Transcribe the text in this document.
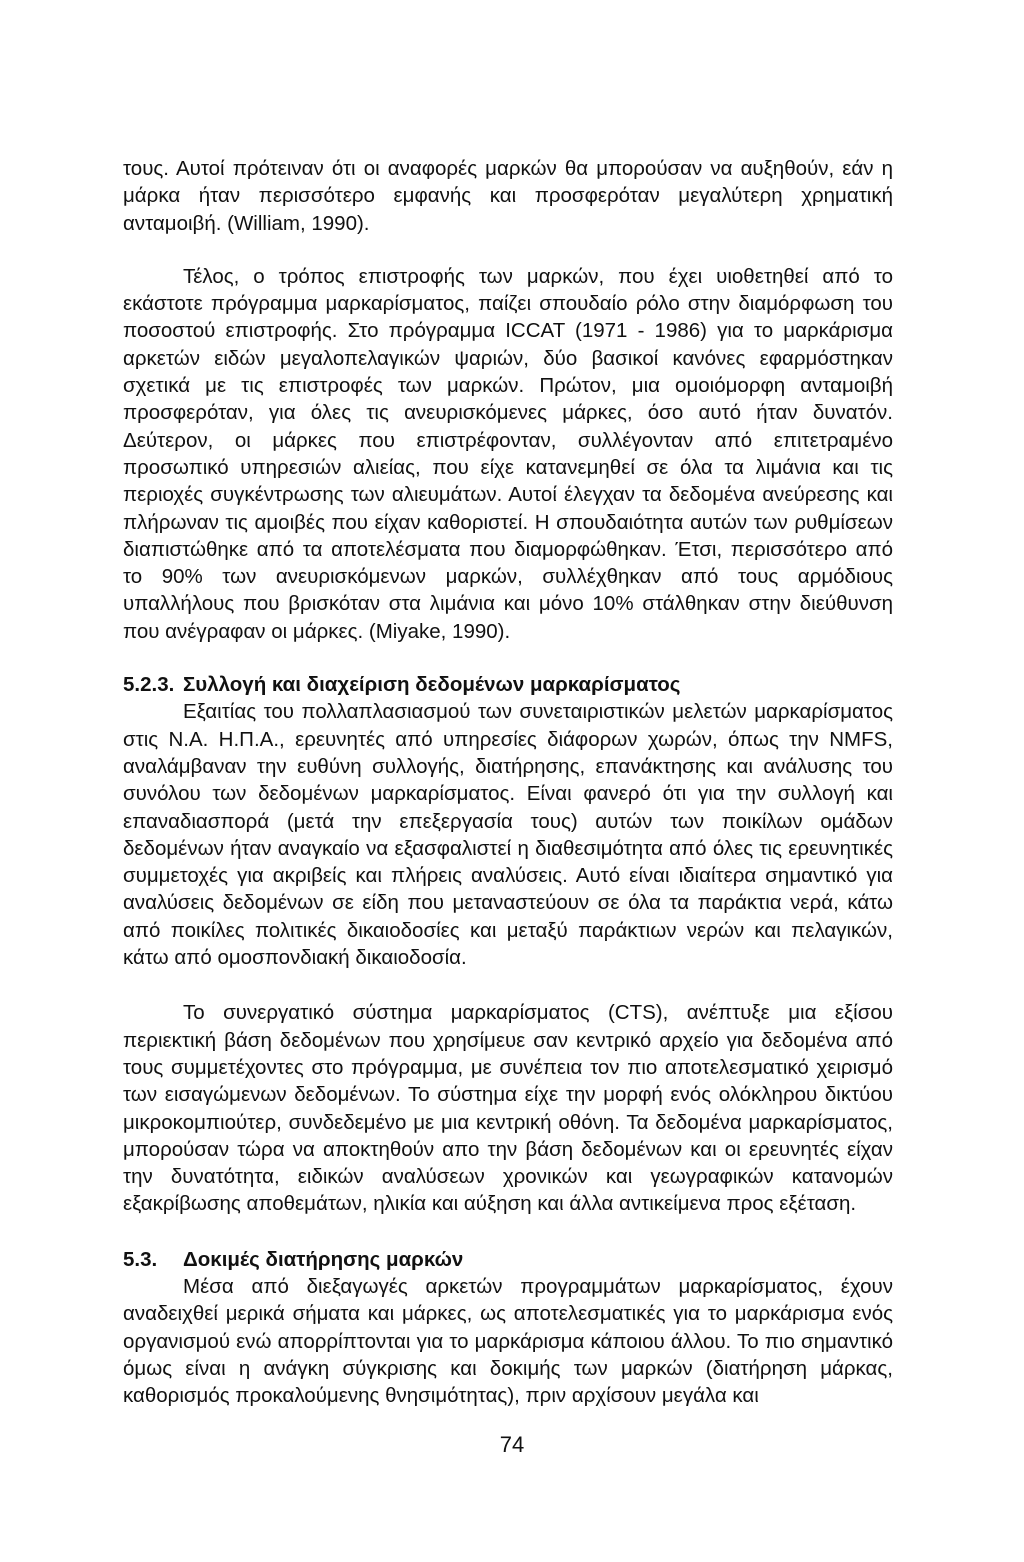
τους. Αυτοί πρότειναν ότι οι αναφορές μαρκών θα μπορούσαν να αυξηθούν, εάν η μάρκα ήταν περισσότερο εμφανής και προσφερόταν μεγαλύτερη χρηματική ανταμοιβή. (William, 1990).

Τέλος, ο τρόπος επιστροφής των μαρκών, που έχει υιοθετηθεί από το εκάστοτε πρόγραμμα μαρκαρίσματος, παίζει σπουδαίο ρόλο στην διαμόρφωση του ποσοστού επιστροφής. Στο πρόγραμμα ICCAT (1971 - 1986) για το μαρκάρισμα αρκετών ειδών μεγαλοπελαγικών ψαριών, δύο βασικοί κανόνες εφαρμόστηκαν σχετικά με τις επιστροφές των μαρκών. Πρώτον, μια ομοιόμορφη ανταμοιβή προσφερόταν, για όλες τις ανευρισκόμενες μάρκες, όσο αυτό ήταν δυνατόν. Δεύτερον, οι μάρκες που επιστρέφονταν, συλλέγονταν από επιτετραμένο προσωπικό υπηρεσιών αλιείας, που είχε κατανεμηθεί σε όλα τα λιμάνια και τις περιοχές συγκέντρωσης των αλιευμάτων. Αυτοί έλεγχαν τα δεδομένα ανεύρεσης και πλήρωναν τις αμοιβές που είχαν καθοριστεί. Η σπουδαιότητα αυτών των ρυθμίσεων διαπιστώθηκε από τα αποτελέσματα που διαμορφώθηκαν. Έτσι, περισσότερο από το 90% των ανευρισκόμενων μαρκών, συλλέχθηκαν από τους αρμόδιους υπαλλήλους που βρισκόταν στα λιμάνια και μόνο 10% στάλθηκαν στην διεύθυνση που ανέγραφαν οι μάρκες. (Miyake, 1990).

5.2.3. Συλλογή και διαχείριση δεδομένων μαρκαρίσματος

Εξαιτίας του πολλαπλασιασμού των συνεταιριστικών μελετών μαρκαρίσματος στις Ν.Α. Η.Π.Α., ερευνητές από υπηρεσίες διάφορων χωρών, όπως την NMFS, αναλάμβαναν την ευθύνη συλλογής, διατήρησης, επανάκτησης και ανάλυσης του συνόλου των δεδομένων μαρκαρίσματος. Είναι φανερό ότι για την συλλογή και επαναδιασπορά (μετά την επεξεργασία τους) αυτών των ποικίλων ομάδων δεδομένων ήταν αναγκαίο να εξασφαλιστεί η διαθεσιμότητα από όλες τις ερευνητικές συμμετοχές για ακριβείς και πλήρεις αναλύσεις. Αυτό είναι ιδιαίτερα σημαντικό για αναλύσεις δεδομένων σε είδη που μεταναστεύουν σε όλα τα παράκτια νερά, κάτω από ποικίλες πολιτικές δικαιοδοσίες και μεταξύ παράκτιων νερών και πελαγικών, κάτω από ομοσπονδιακή δικαιοδοσία.

Το συνεργατικό σύστημα μαρκαρίσματος (CTS), ανέπτυξε μια εξίσου περιεκτική βάση δεδομένων που χρησίμευε σαν κεντρικό αρχείο για δεδομένα από τους συμμετέχοντες στο πρόγραμμα, με συνέπεια τον πιο αποτελεσματικό χειρισμό των εισαγώμενων δεδομένων. Το σύστημα είχε την μορφή ενός ολόκληρου δικτύου μικροκομπιούτερ, συνδεδεμένο με μια κεντρική οθόνη. Τα δεδομένα μαρκαρίσματος, μπορούσαν τώρα να αποκτηθούν απο την βάση δεδομένων και οι ερευνητές είχαν την δυνατότητα, ειδικών αναλύσεων χρονικών και γεωγραφικών κατανομών εξακρίβωσης αποθεμάτων, ηλικία και αύξηση και άλλα αντικείμενα προς εξέταση.

5.3. Δοκιμές διατήρησης μαρκών

Μέσα από διεξαγωγές αρκετών προγραμμάτων μαρκαρίσματος, έχουν αναδειχθεί μερικά σήματα και μάρκες, ως αποτελεσματικές για το μαρκάρισμα ενός οργανισμού ενώ απορρίπτονται για το μαρκάρισμα κάποιου άλλου. Το πιο σημαντικό όμως είναι η ανάγκη σύγκρισης και δοκιμής των μαρκών (διατήρηση μάρκας, καθορισμός προκαλούμενης θνησιμότητας), πριν αρχίσουν μεγάλα και

74
